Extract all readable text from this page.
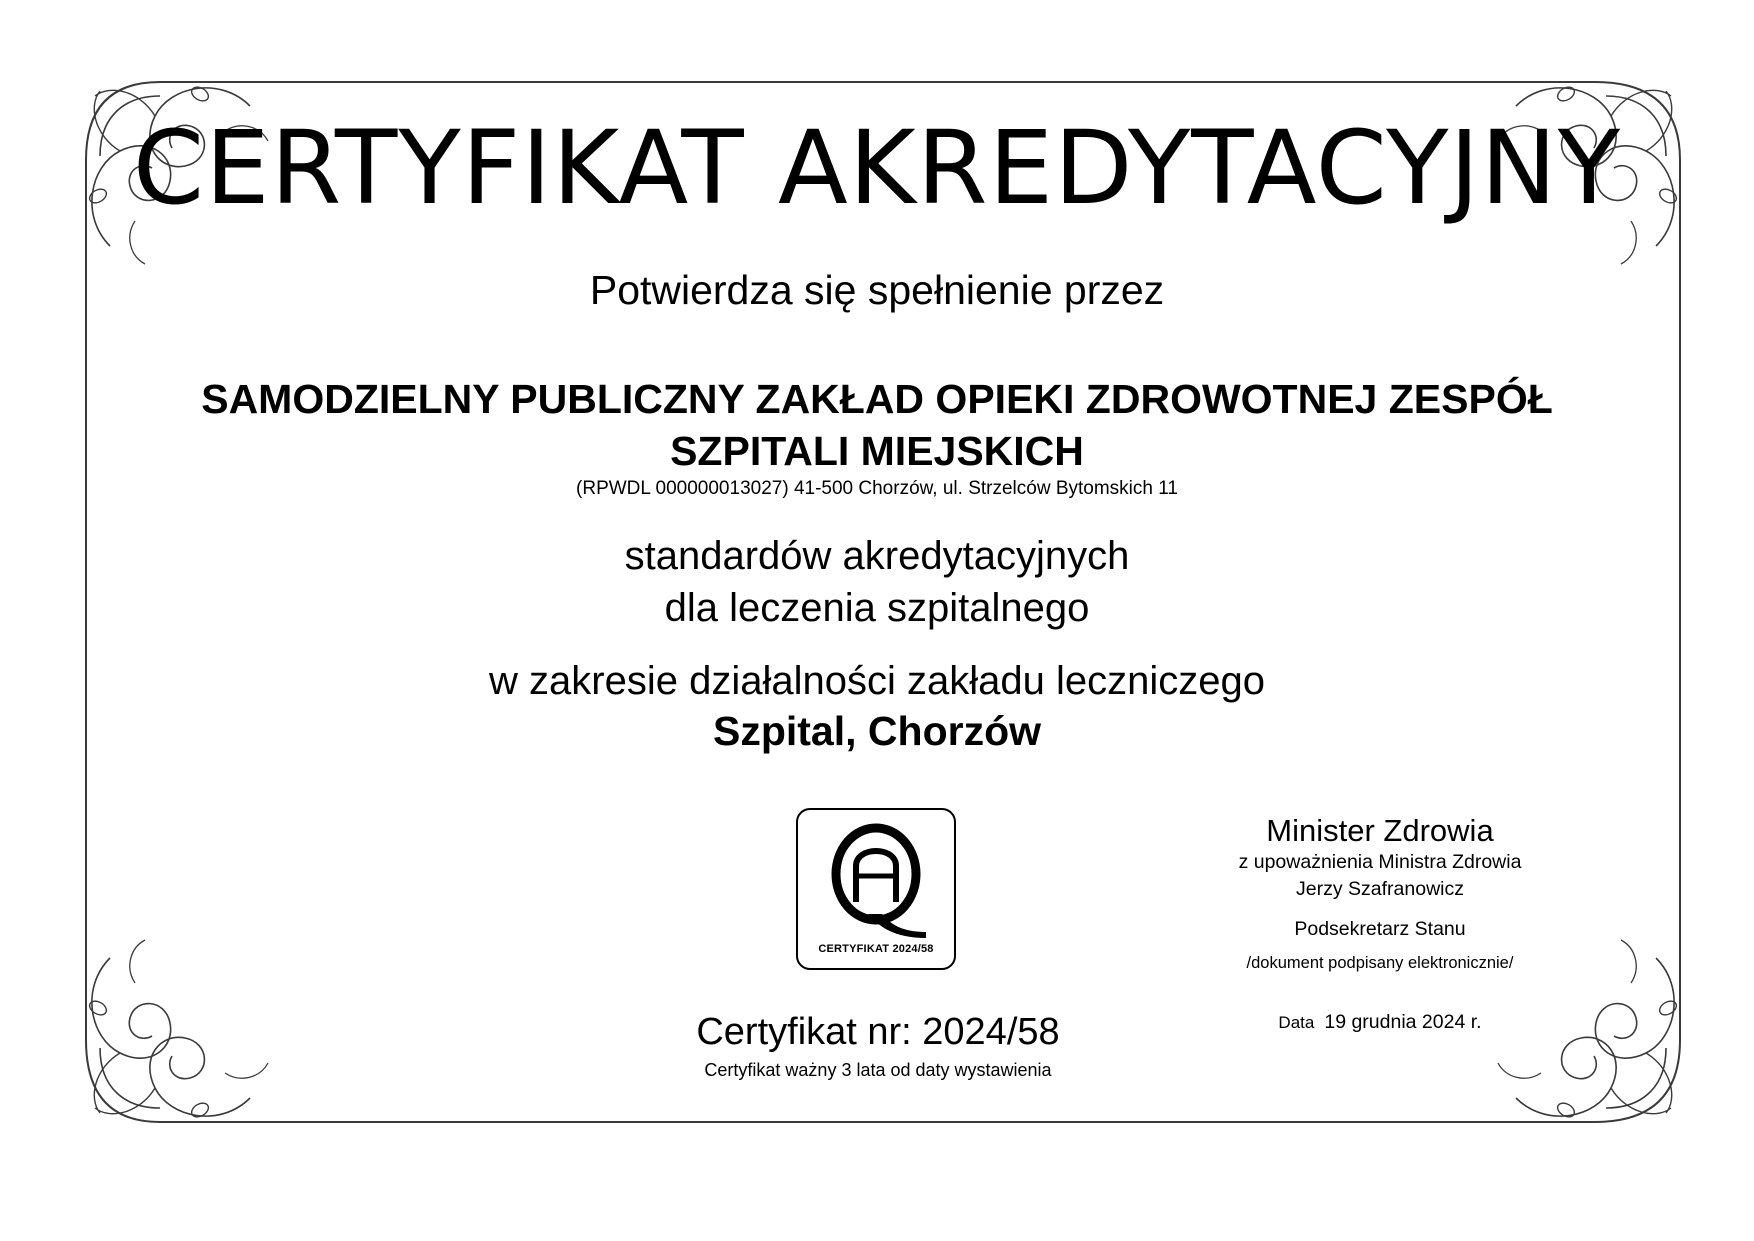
CERTYFIKAT AKREDYTACYJNY
Potwierdza się spełnienie przez
SAMODZIELNY PUBLICZNY ZAKŁAD OPIEKI ZDROWOTNEJ ZESPÓŁ
SZPITALI MIEJSKICH
(RPWDL 000000013027) 41-500 Chorzów, ul. Strzelców Bytomskich 11
standardów akredytacyjnych
dla leczenia szpitalnego
w zakresie działalności zakładu leczniczego
Szpital, Chorzów
CERTYFIKAT 2024/58
Certyfikat nr: 2024/58
Certyfikat ważny 3 lata od daty wystawienia
Minister Zdrowia
z upoważnienia Ministra Zdrowia
Jerzy Szafranowicz
Podsekretarz Stanu
/dokument podpisany elektronicznie/
Data 19 grudnia 2024 r.
